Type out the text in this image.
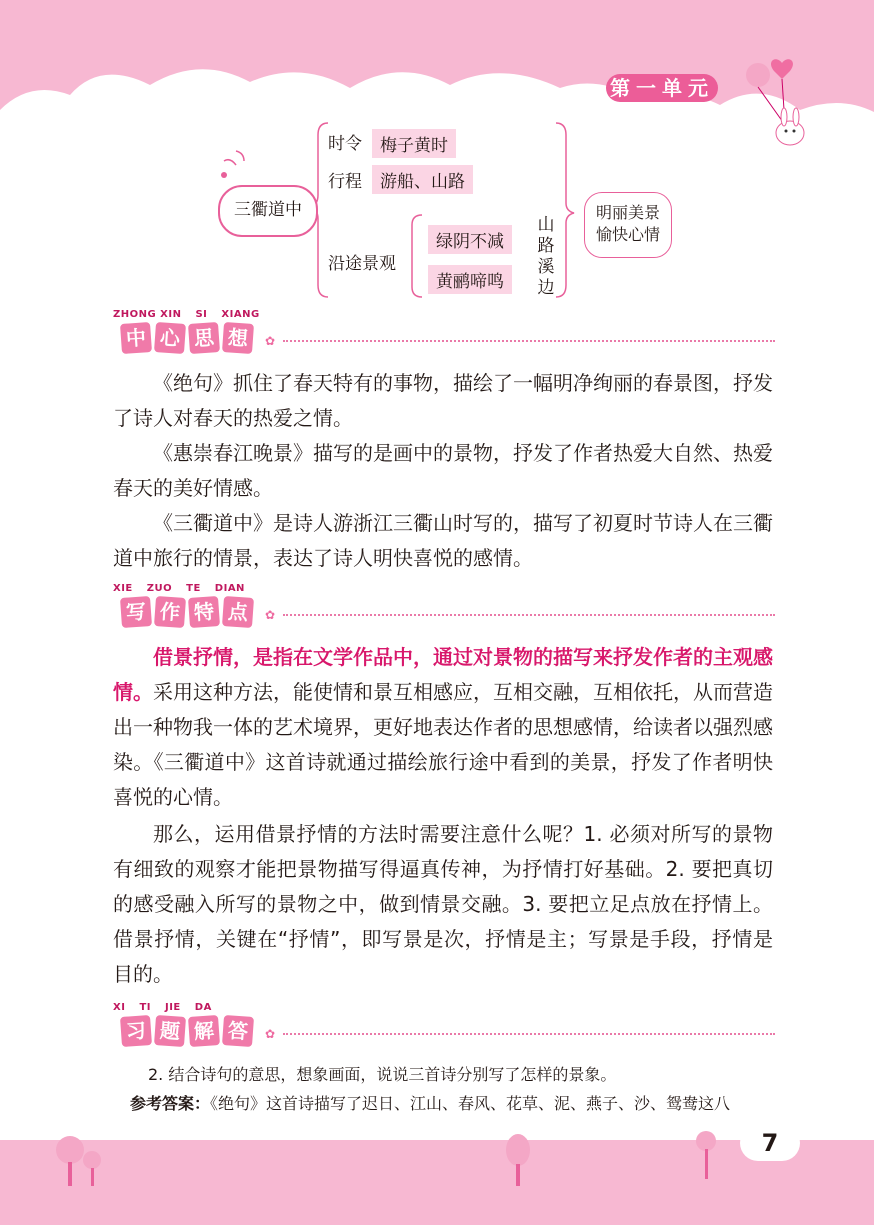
第一单元
三衢道中
时令	梅子黄时
行程	游船、山路
沿途景观
绿阴不减
黄鹂啼鸣
山
路
溪
边
明丽美景
愉快心情
ZHONG XIN SI XIANG
中 心 思 想	✿

《绝句》抓住了春天特有的事物，描绘了一幅明净绚丽的春景图，抒发了诗人对春天的热爱之情。

《惠崇春江晚景》描写的是画中的景物，抒发了作者热爱大自然、热爱春天的美好情感。

《三衢道中》是诗人游浙江三衢山时写的，描写了初夏时节诗人在三衢道中旅行的情景，表达了诗人明快喜悦的感情。

XIE ZUO TE DIAN
写 作 特 点	✿

借景抒情，是指在文学作品中，通过对景物的描写来抒发作者的主观感情。采用这种方法，能使情和景互相感应，互相交融，互相依托，从而营造出一种物我一体的艺术境界，更好地表达作者的思想感情，给读者以强烈感染。《三衢道中》这首诗就通过描绘旅行途中看到的美景，抒发了作者明快喜悦的心情。

那么，运用借景抒情的方法时需要注意什么呢？1. 必须对所写的景物有细致的观察才能把景物描写得逼真传神，为抒情打好基础。2. 要把真切的感受融入所写的景物之中，做到情景交融。3. 要把立足点放在抒情上。借景抒情，关键在“抒情”，即写景是次，抒情是主；写景是手段，抒情是目的。

XI TI JIE DA
习 题 解 答	✿

2. 结合诗句的意思，想象画面，说说三首诗分别写了怎样的景象。

参考答案：《绝句》这首诗描写了迟日、江山、春风、花草、泥、燕子、沙、鸳鸯这八

7
